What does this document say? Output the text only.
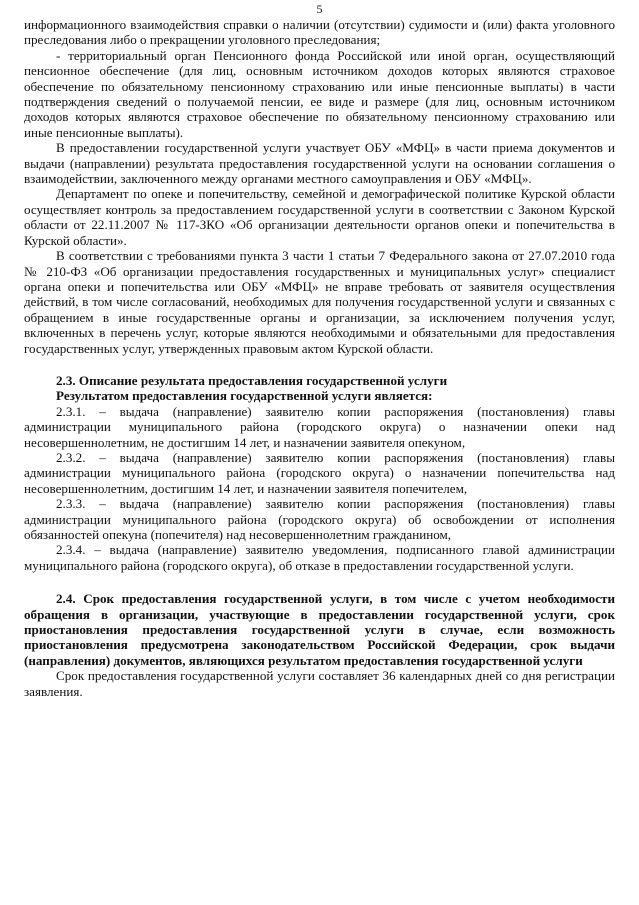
5

информационного взаимодействия справки о наличии (отсутствии) судимости и (или) факта уголовного преследования либо о прекращении уголовного преследования;

- территориальный орган Пенсионного фонда Российской или иной орган, осуществляющий пенсионное обеспечение (для лиц, основным источником доходов которых являются страховое обеспечение по обязательному пенсионному страхованию или иные пенсионные выплаты) в части подтверждения сведений о получаемой пенсии, ее виде и размере (для лиц, основным источником доходов которых являются страховое обеспечение по обязательному пенсионному страхованию или иные пенсионные выплаты).

В предоставлении государственной услуги участвует ОБУ «МФЦ» в части приема документов и выдачи (направлении) результата предоставления государственной услуги на основании соглашения о взаимодействии, заключенного между органами местного самоуправления и ОБУ «МФЦ».

Департамент по опеке и попечительству, семейной и демографической политике Курской области осуществляет контроль за предоставлением государственной услуги в соответствии с Законом Курской области от 22.11.2007 № 117-ЗКО «Об организации деятельности органов опеки и попечительства в Курской области».

В соответствии с требованиями пункта 3 части 1 статьи 7 Федерального закона от 27.07.2010 года № 210-ФЗ «Об организации предоставления государственных и муниципальных услуг» специалист органа опеки и попечительства или ОБУ «МФЦ» не вправе требовать от заявителя осуществления действий, в том числе согласований, необходимых для получения государственной услуги и связанных с обращением в иные государственные органы и организации, за исключением получения услуг, включенных в перечень услуг, которые являются необходимыми и обязательными для предоставления государственных услуг, утвержденных правовым актом Курской области.

2.3. Описание результата предоставления государственной услуги

Результатом предоставления государственной услуги является:

2.3.1. – выдача (направление) заявителю копии распоряжения (постановления) главы администрации муниципального района (городского округа) о назначении опеки над несовершеннолетним, не достигшим 14 лет, и назначении заявителя опекуном,

2.3.2. – выдача (направление) заявителю копии распоряжения (постановления) главы администрации муниципального района (городского округа) о назначении попечительства над несовершеннолетним, достигшим 14 лет, и назначении заявителя попечителем,

2.3.3. – выдача (направление) заявителю копии распоряжения (постановления) главы администрации муниципального района (городского округа) об освобождении от исполнения обязанностей опекуна (попечителя) над несовершеннолетним гражданином,

2.3.4. – выдача (направление) заявителю уведомления, подписанного главой администрации муниципального района (городского округа), об отказе в предоставлении государственной услуги.

2.4. Срок предоставления государственной услуги, в том числе с учетом необходимости обращения в организации, участвующие в предоставлении государственной услуги, срок приостановления предоставления государственной услуги в случае, если возможность приостановления предусмотрена законодательством Российской Федерации, срок выдачи (направления) документов, являющихся результатом предоставления государственной услуги

Срок предоставления государственной услуги составляет 36 календарных дней со дня регистрации заявления.
